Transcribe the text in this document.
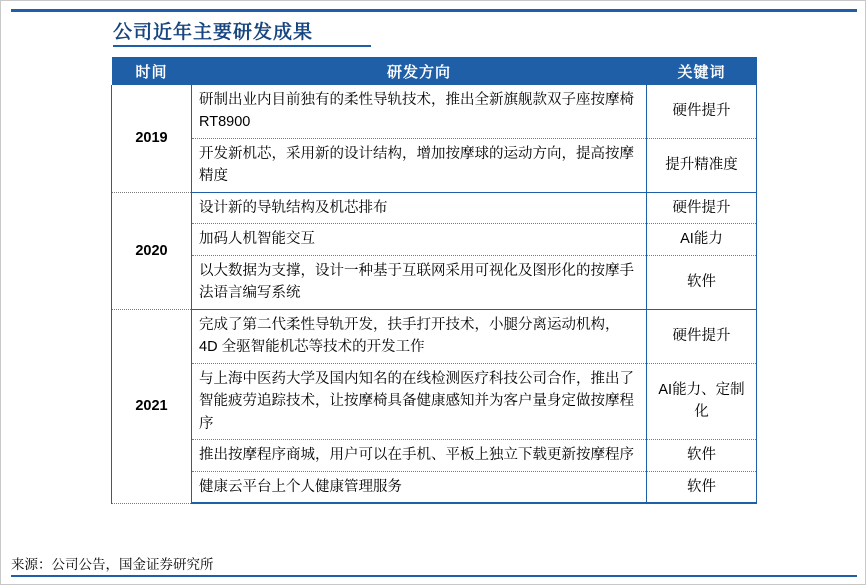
公司近年主要研发成果
时间	研发方向	关键词
2019	研制出业内目前独有的柔性导轨技术，推出全新旗舰款双子座按摩椅 RT8900	硬件提升
	开发新机芯，采用新的设计结构，增加按摩球的运动方向，提高按摩精度	提升精准度
2020	设计新的导轨结构及机芯排布	硬件提升
	加码人机智能交互	AI能力
	以大数据为支撑，设计一种基于互联网采用可视化及图形化的按摩手法语言编写系统	软件
2021	完成了第二代柔性导轨开发，扶手打开技术，小腿分离运动机构， 4D 全驱智能机芯等技术的开发工作	硬件提升
	与上海中医药大学及国内知名的在线检测医疗科技公司合作，推出了智能疲劳追踪技术，让按摩椅具备健康感知并为客户量身定做按摩程序	AI能力、定制化
	推出按摩程序商城，用户可以在手机、平板上独立下载更新按摩程序	软件
	健康云平台上个人健康管理服务	软件
来源：公司公告，国金证券研究所
